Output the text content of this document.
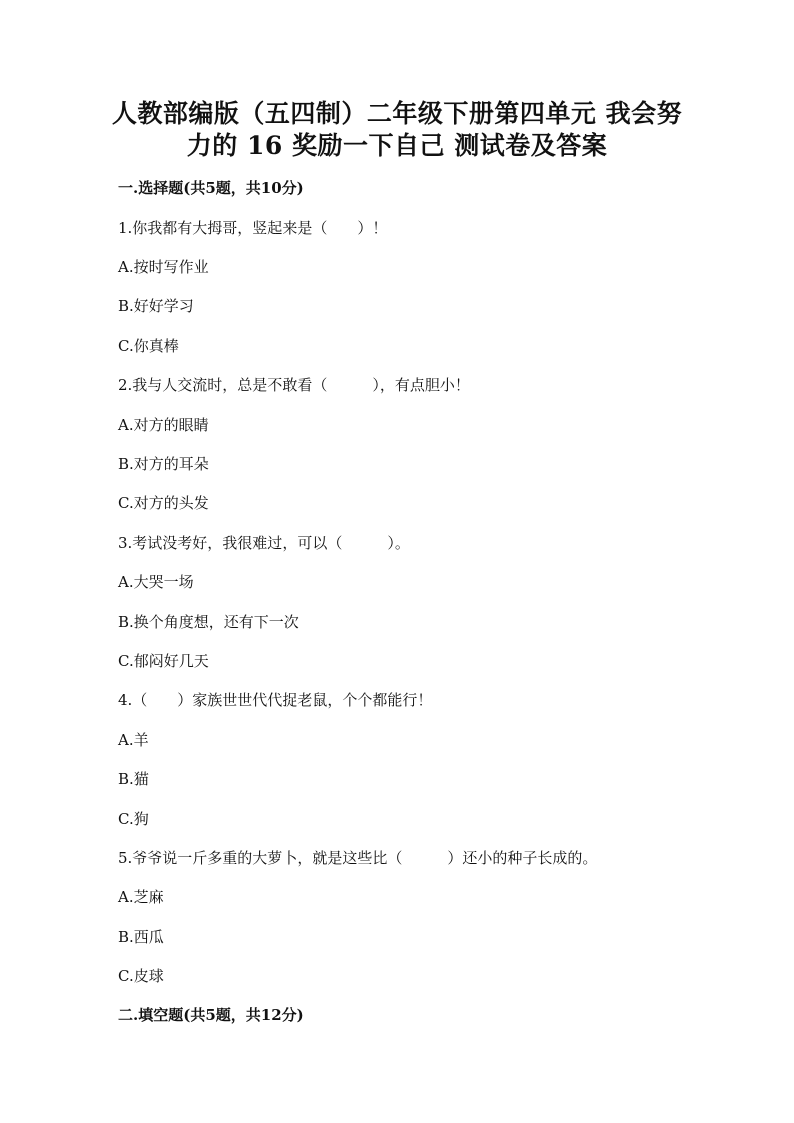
人教部编版（五四制）二年级下册第四单元 我会努
力的 16 奖励一下自己 测试卷及答案
一.选择题(共5题，共10分)
1.你我都有大拇哥，竖起来是（　　）！
A.按时写作业
B.好好学习
C.你真棒
2.我与人交流时，总是不敢看（　　　），有点胆小！
A.对方的眼睛
B.对方的耳朵
C.对方的头发
3.考试没考好，我很难过，可以（　　　）。
A.大哭一场
B.换个角度想，还有下一次
C.郁闷好几天
4.（　　）家族世世代代捉老鼠，个个都能行！
A.羊
B.猫
C.狗
5.爷爷说一斤多重的大萝卜，就是这些比（　　　）还小的种子长成的。
A.芝麻
B.西瓜
C.皮球
二.填空题(共5题，共12分)
